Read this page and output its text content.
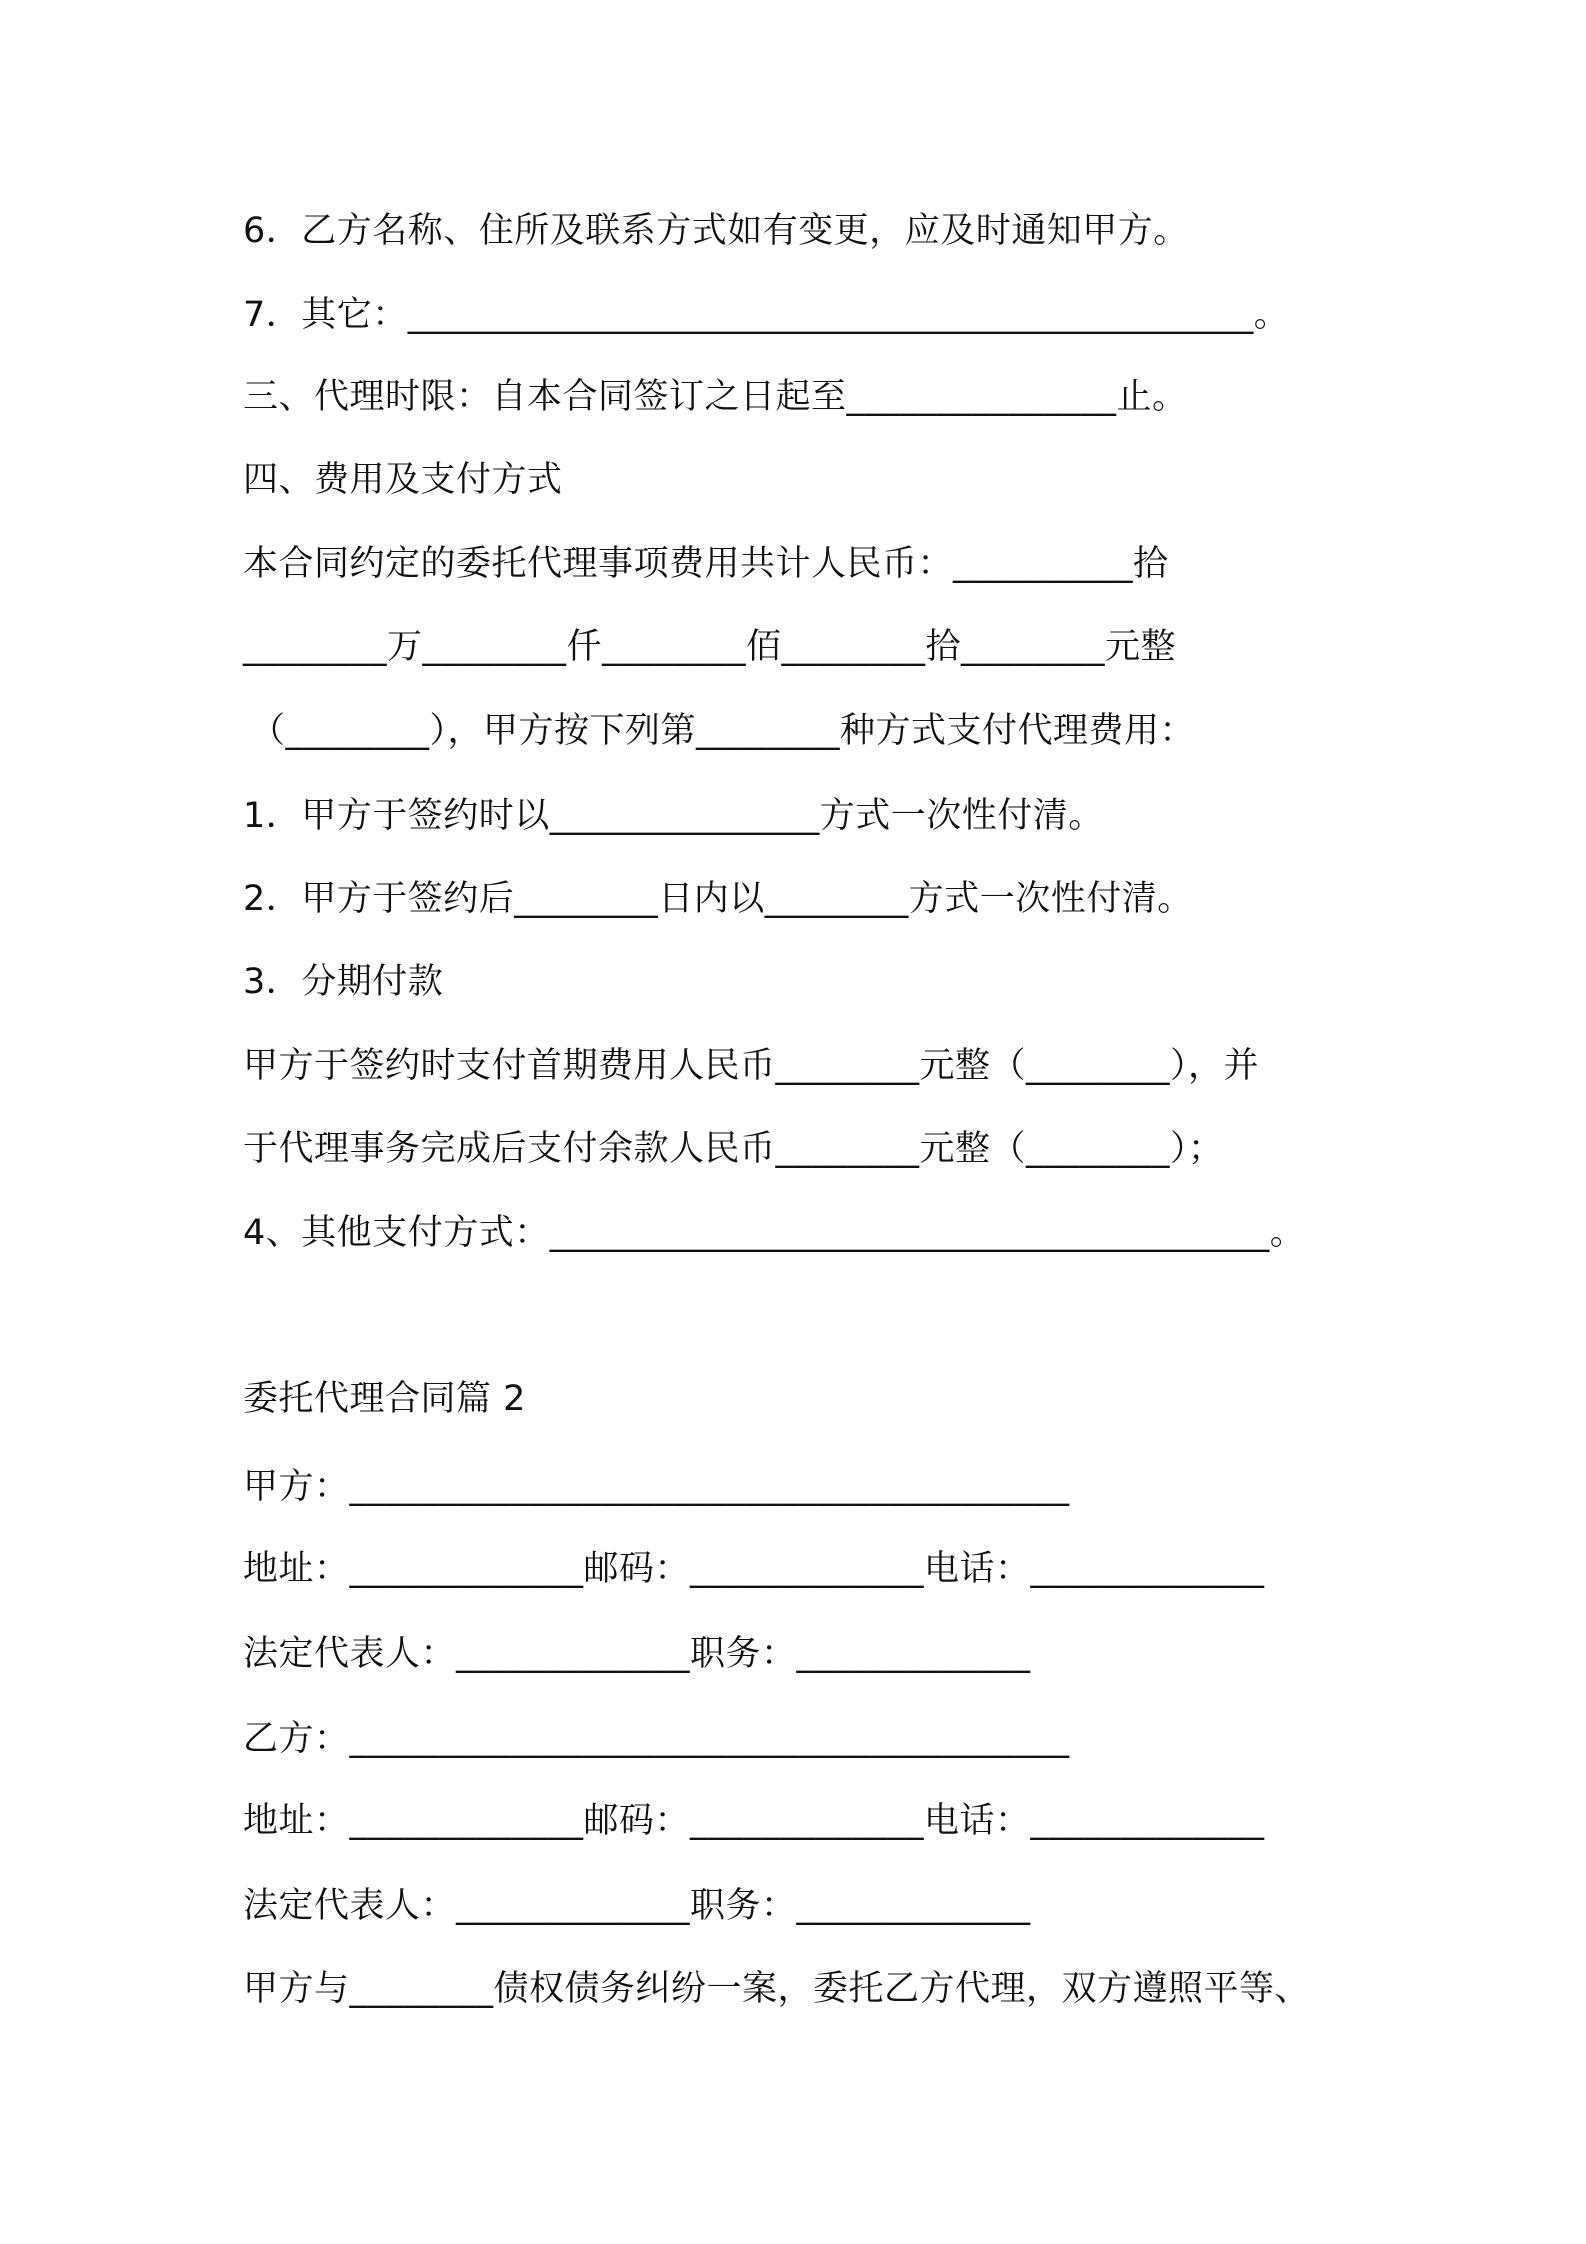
6．乙方名称、住所及联系方式如有变更，应及时通知甲方。
7．其它：_______________________________________________。
三、代理时限：自本合同签订之日起至_______________止。
四、费用及支付方式
本合同约定的委托代理事项费用共计人民币：__________拾
________万________仟________佰________拾________元整
（________），甲方按下列第________种方式支付代理费用：
1．甲方于签约时以_______________方式一次性付清。
2．甲方于签约后________日内以________方式一次性付清。
3．分期付款
甲方于签约时支付首期费用人民币________元整（________），并
于代理事务完成后支付余款人民币________元整（________）；
4、其他支付方式：________________________________________。
委托代理合同篇 2
甲方：________________________________________
地址：_____________邮码：_____________电话：_____________
法定代表人：_____________职务：_____________
乙方：________________________________________
地址：_____________邮码：_____________电话：_____________
法定代表人：_____________职务：_____________
甲方与________债权债务纠纷一案，委托乙方代理，双方遵照平等、
